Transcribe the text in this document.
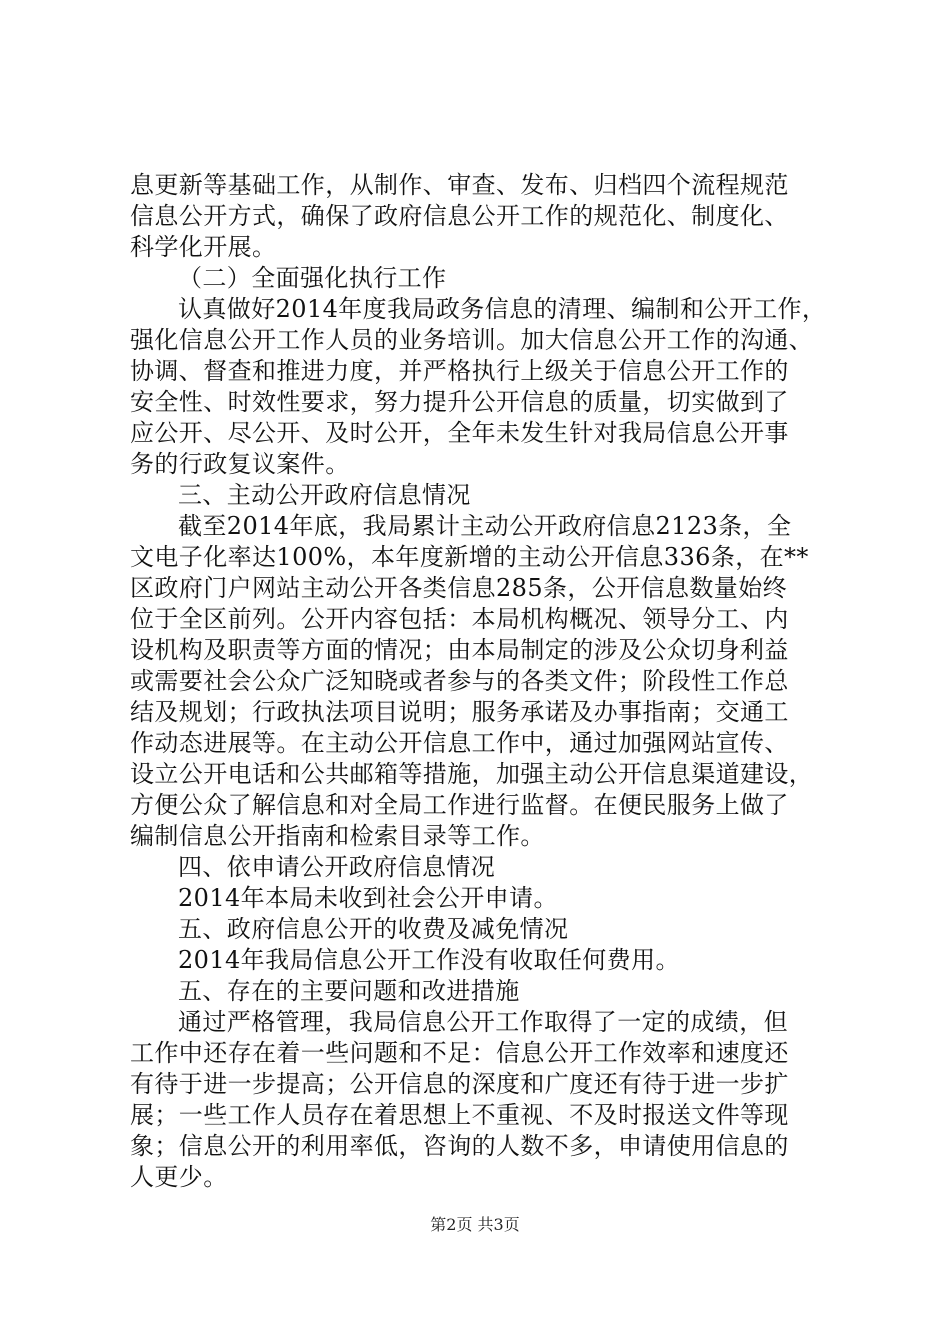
息更新等基础工作，从制作、审查、发布、归档四个流程规范
信息公开方式，确保了政府信息公开工作的规范化、制度化、
科学化开展。
（二）全面强化执行工作
认真做好2014年度我局政务信息的清理、编制和公开工作，
强化信息公开工作人员的业务培训。加大信息公开工作的沟通、
协调、督查和推进力度，并严格执行上级关于信息公开工作的
安全性、时效性要求，努力提升公开信息的质量，切实做到了
应公开、尽公开、及时公开，全年未发生针对我局信息公开事
务的行政复议案件。
三、主动公开政府信息情况
截至2014年底，我局累计主动公开政府信息2123条，全
文电子化率达100%，本年度新增的主动公开信息336条，在**
区政府门户网站主动公开各类信息285条，公开信息数量始终
位于全区前列。公开内容包括：本局机构概况、领导分工、内
设机构及职责等方面的情况；由本局制定的涉及公众切身利益
或需要社会公众广泛知晓或者参与的各类文件；阶段性工作总
结及规划；行政执法项目说明；服务承诺及办事指南；交通工
作动态进展等。在主动公开信息工作中，通过加强网站宣传、
设立公开电话和公共邮箱等措施，加强主动公开信息渠道建设，
方便公众了解信息和对全局工作进行监督。在便民服务上做了
编制信息公开指南和检索目录等工作。
四、依申请公开政府信息情况
2014年本局未收到社会公开申请。
五、政府信息公开的收费及减免情况
2014年我局信息公开工作没有收取任何费用。
五、存在的主要问题和改进措施
通过严格管理，我局信息公开工作取得了一定的成绩，但
工作中还存在着一些问题和不足：信息公开工作效率和速度还
有待于进一步提高；公开信息的深度和广度还有待于进一步扩
展；一些工作人员存在着思想上不重视、不及时报送文件等现
象；信息公开的利用率低，咨询的人数不多，申请使用信息的
人更少。
第2页 共3页
